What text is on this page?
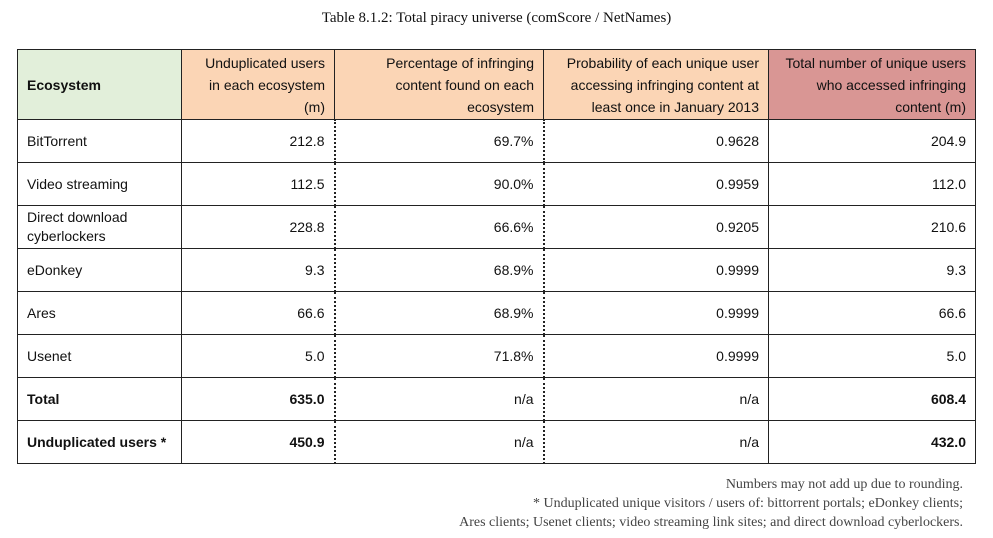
Table 8.1.2: Total piracy universe (comScore / NetNames)
Ecosystem	Unduplicated users in each ecosystem (m)	Percentage of infringing content found on each ecosystem	Probability of each unique user accessing infringing content at least once in January 2013	Total number of unique users who accessed infringing content (m)
BitTorrent	212.8	69.7%	0.9628	204.9
Video streaming	112.5	90.0%	0.9959	112.0
Direct download cyberlockers	228.8	66.6%	0.9205	210.6
eDonkey	9.3	68.9%	0.9999	9.3
Ares	66.6	68.9%	0.9999	66.6
Usenet	5.0	71.8%	0.9999	5.0
Total	635.0	n/a	n/a	608.4
Unduplicated users *	450.9	n/a	n/a	432.0
Numbers may not add up due to rounding.
* Unduplicated unique visitors / users of: bittorrent portals; eDonkey clients;
Ares clients; Usenet clients; video streaming link sites; and direct download cyberlockers.
